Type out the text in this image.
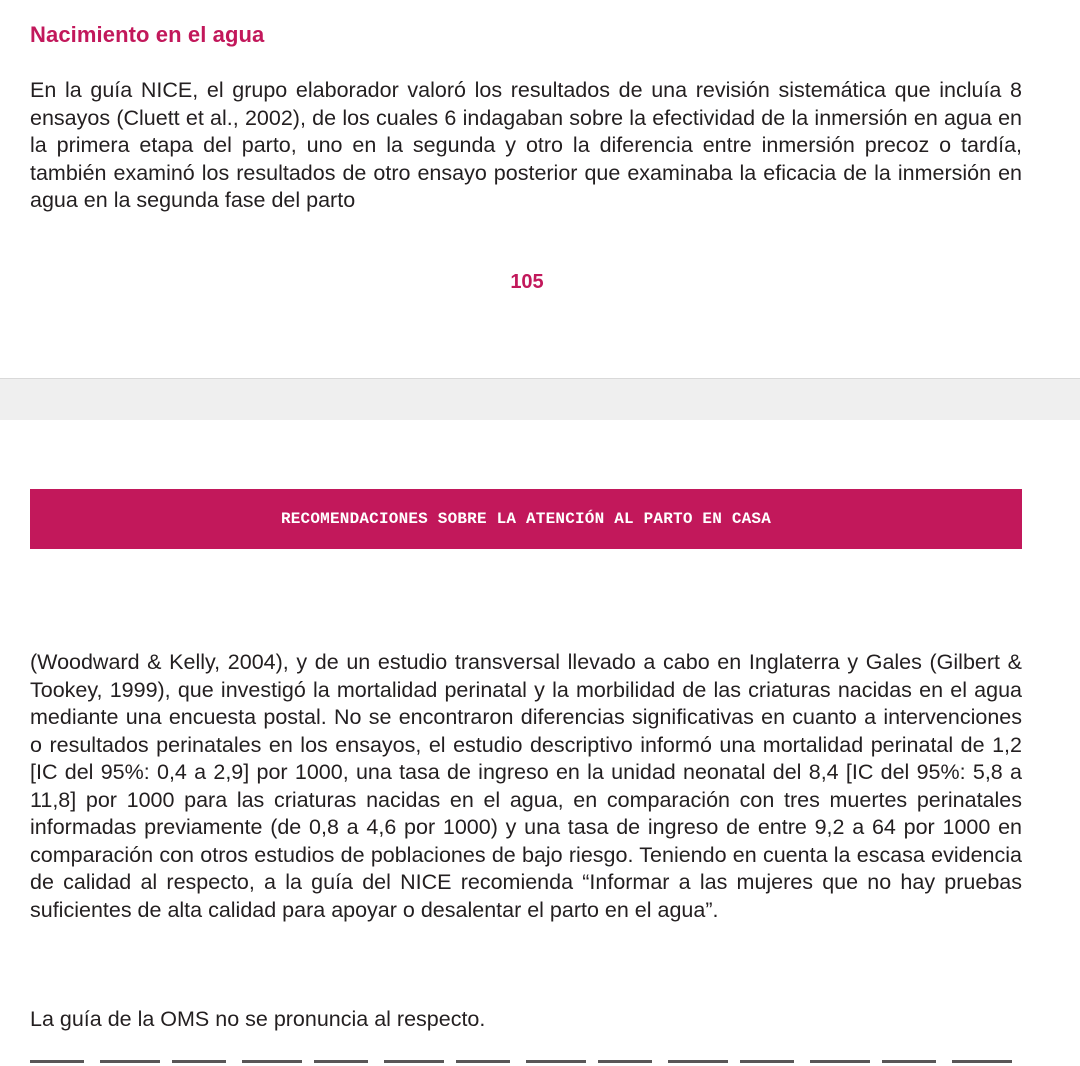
Nacimiento en el agua

En la guía NICE, el grupo elaborador valoró los resultados de una revisión sistemática que incluía 8 ensayos (Cluett et al., 2002), de los cuales 6 indagaban sobre la efectividad de la inmersión en agua en la primera etapa del parto, uno en la segunda y otro la diferencia entre inmersión precoz o tardía, también examinó los resultados de otro ensayo posterior que examinaba la eficacia de la inmersión en agua en la segunda fase del parto

105
RECOMENDACIONES SOBRE LA ATENCIÓN AL PARTO EN CASA

(Woodward & Kelly, 2004), y de un estudio transversal llevado a cabo en Inglaterra y Gales (Gilbert & Tookey, 1999), que investigó la mortalidad perinatal y la morbilidad de las criaturas nacidas en el agua mediante una encuesta postal. No se encontraron diferencias significativas en cuanto a intervenciones o resultados perinatales en los ensayos, el estudio descriptivo informó una mortalidad perinatal de 1,2 [IC del 95%: 0,4 a 2,9] por 1000, una tasa de ingreso en la unidad neonatal del 8,4 [IC del 95%: 5,8 a 11,8] por 1000 para las criaturas nacidas en el agua, en comparación con tres muertes perinatales informadas previamente (de 0,8 a 4,6 por 1000) y una tasa de ingreso de entre 9,2 a 64 por 1000 en comparación con otros estudios de poblaciones de bajo riesgo. Teniendo en cuenta la escasa evidencia de calidad al respecto, a la guía del NICE recomienda “Informar a las mujeres que no hay pruebas suficientes de alta calidad para apoyar o desalentar el parto en el agua”.

La guía de la OMS no se pronuncia al respecto.
